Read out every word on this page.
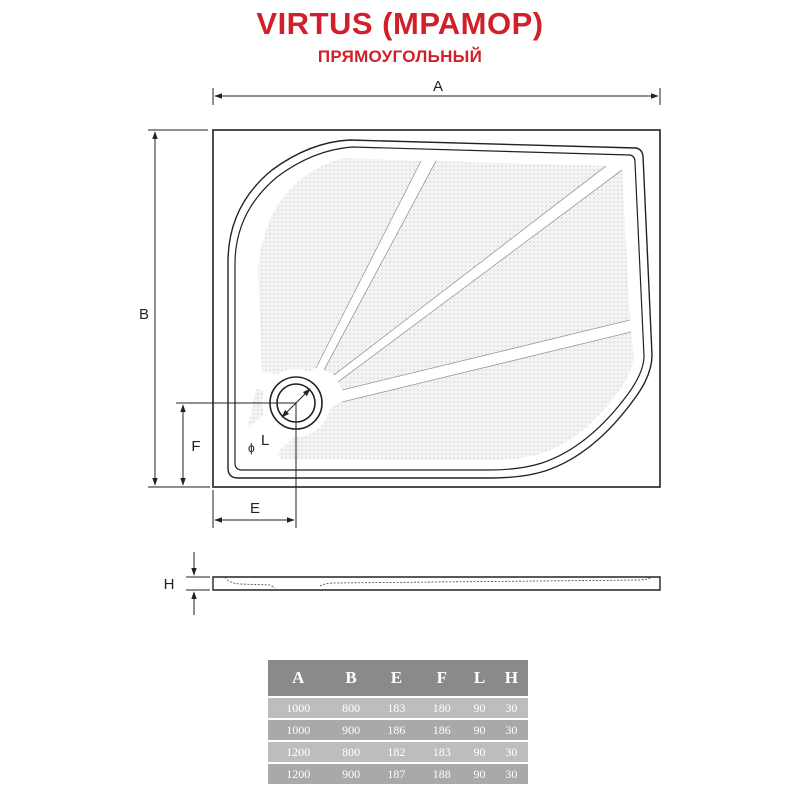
VIRTUS (МРАМОР)
ПРЯМОУГОЛЬНЫЙ
A
B
ϕ L
F
E
H
A	B	E	F	L	H
1000	800	183	180	90	30
1000	900	186	186	90	30
1200	800	182	183	90	30
1200	900	187	188	90	30
